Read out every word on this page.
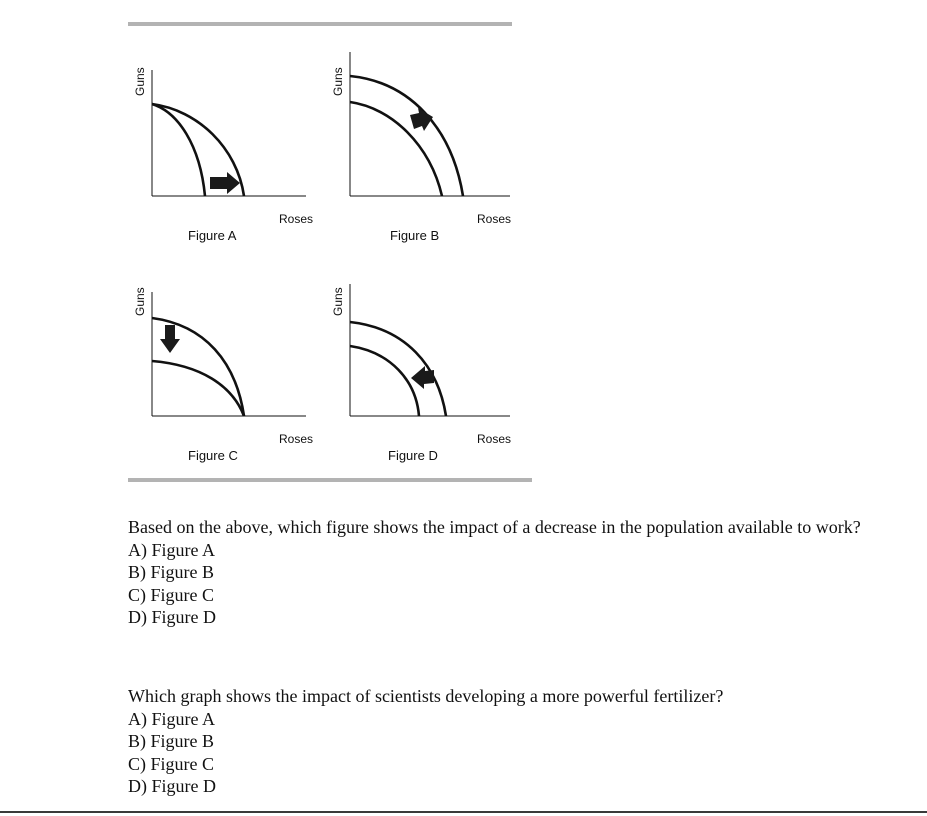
Guns
Roses
Figure A
Guns
Roses
Figure B
Guns
Roses
Figure C
Guns
Roses
Figure D

Based on the above, which figure shows the impact of a decrease in the population available to work?

A) Figure A

B) Figure B

C) Figure C

D) Figure D

Which graph shows the impact of scientists developing a more powerful fertilizer?

A) Figure A

B) Figure B

C) Figure C

D) Figure D
